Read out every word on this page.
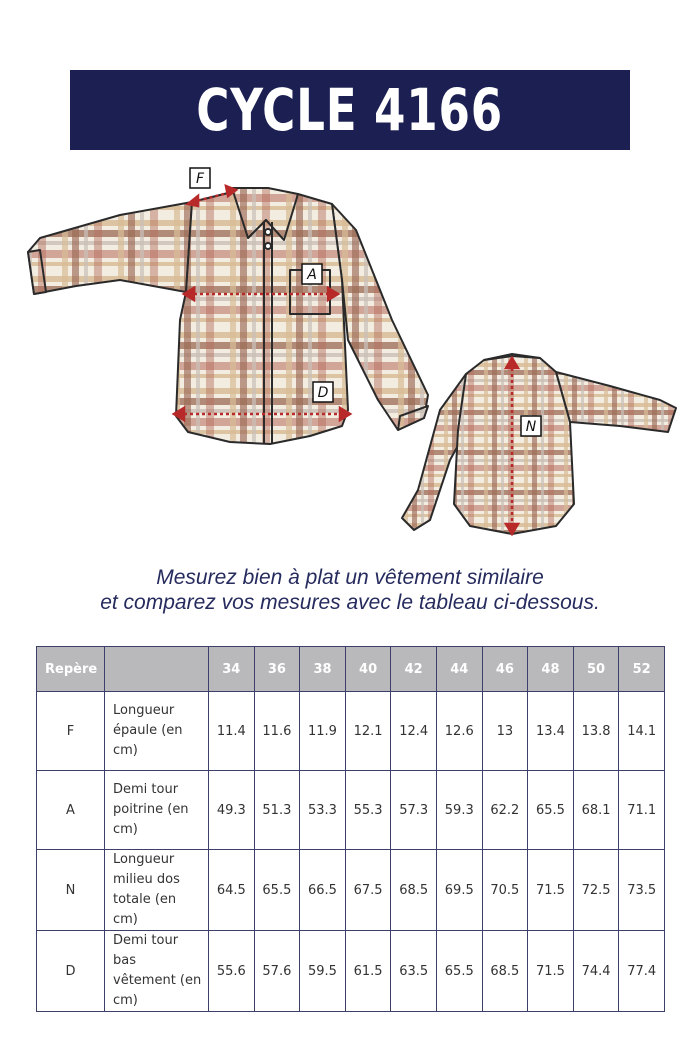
CYCLE 4166
F
A
D
N
Mesurez bien à plat un vêtement similaire
et comparez vos mesures avec le tableau ci-dessous.
Repère		34	36	38	40	42	44	46	48	50	52
F	Longueur épaule (en cm)	11.4	11.6	11.9	12.1	12.4	12.6	13	13.4	13.8	14.1
A	Demi tour poitrine (en cm)	49.3	51.3	53.3	55.3	57.3	59.3	62.2	65.5	68.1	71.1
N	Longueur milieu dos totale (en cm)	64.5	65.5	66.5	67.5	68.5	69.5	70.5	71.5	72.5	73.5
D	Demi tour bas vêtement (en cm)	55.6	57.6	59.5	61.5	63.5	65.5	68.5	71.5	74.4	77.4
